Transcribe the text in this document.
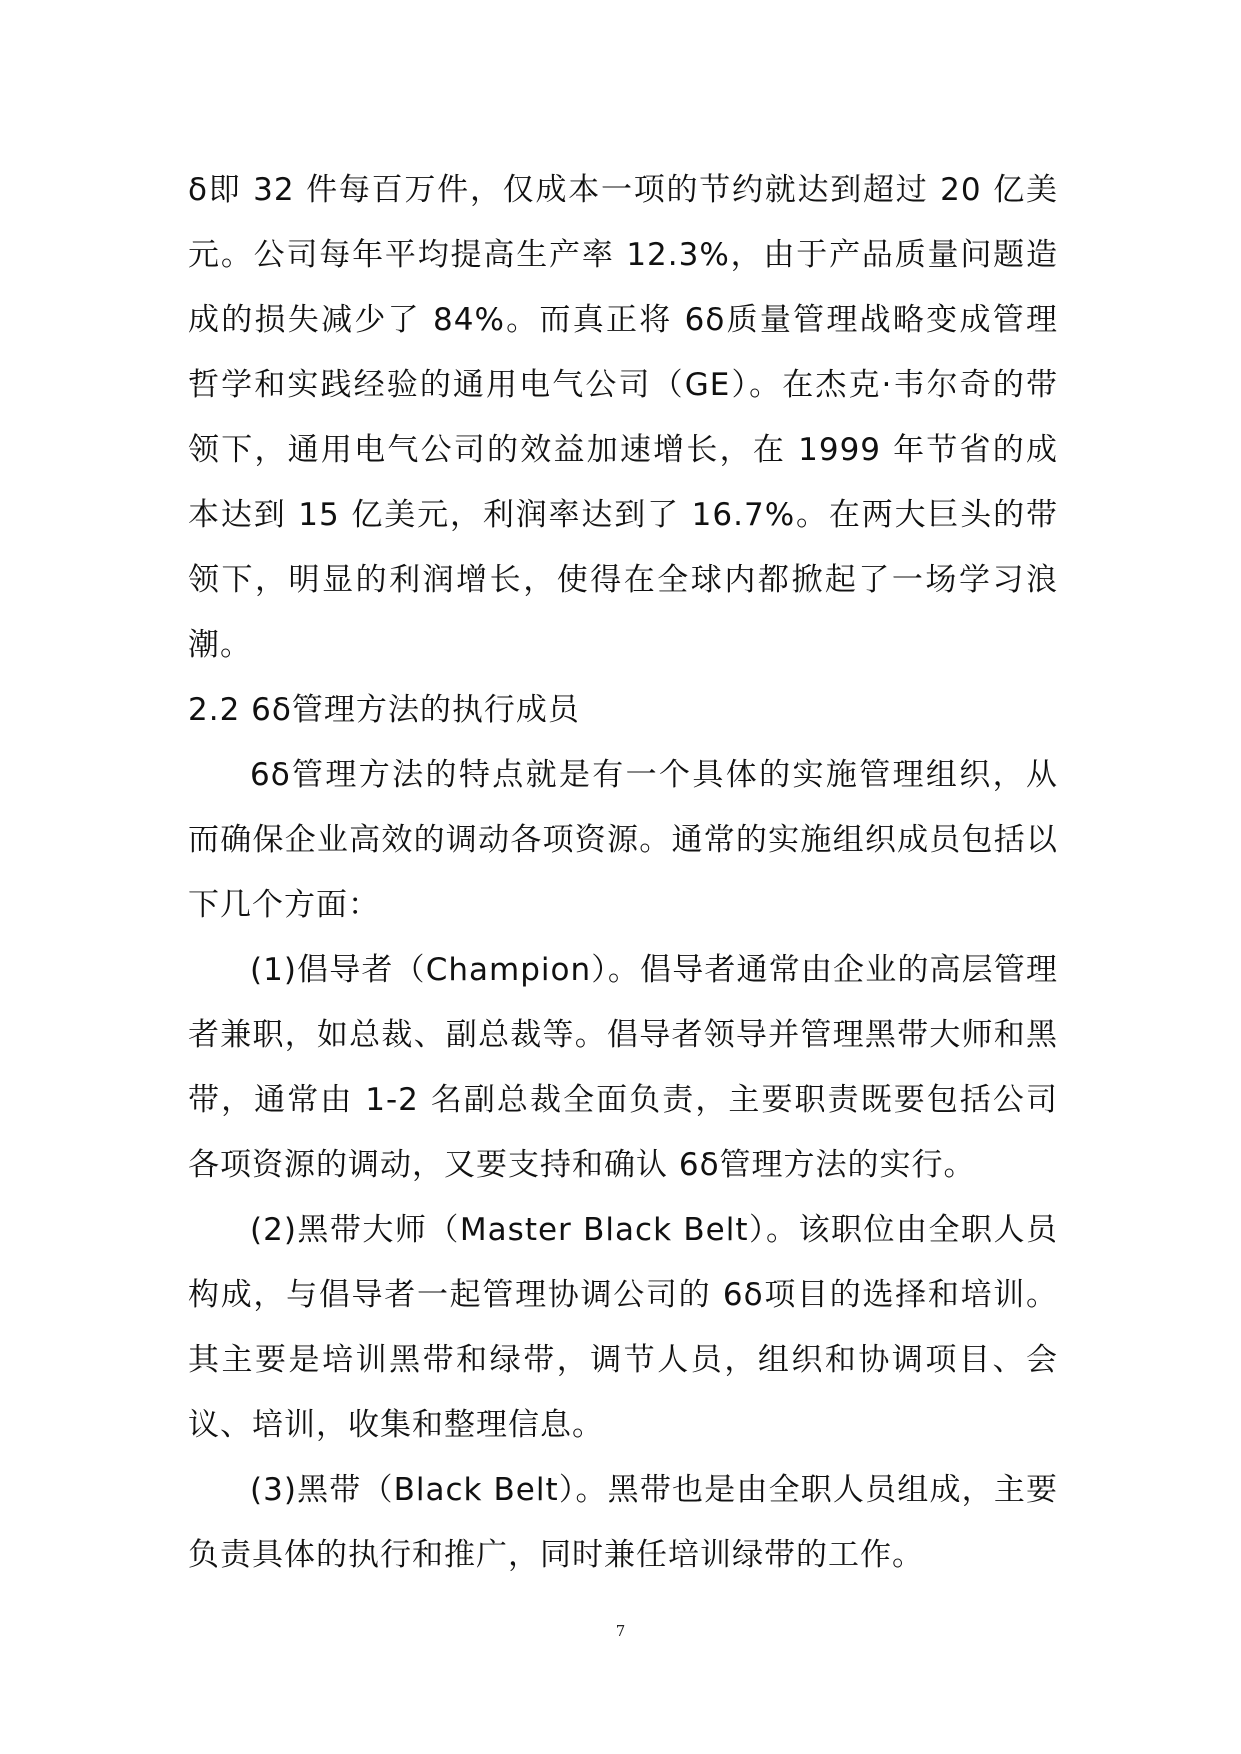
δ即 32 件每百万件，仅成本一项的节约就达到超过 20 亿美元。公司每年平均提高生产率 12.3%，由于产品质量问题造成的损失减少了 84%。而真正将 6δ质量管理战略变成管理哲学和实践经验的通用电气公司（GE）。在杰克·韦尔奇的带领下，通用电气公司的效益加速增长，在 1999 年节省的成本达到 15 亿美元，利润率达到了 16.7%。在两大巨头的带领下，明显的利润增长，使得在全球内都掀起了一场学习浪潮。

2.2 6δ管理方法的执行成员

6δ管理方法的特点就是有一个具体的实施管理组织，从而确保企业高效的调动各项资源。通常的实施组织成员包括以下几个方面：

(1)倡导者（Champion）。倡导者通常由企业的高层管理者兼职，如总裁、副总裁等。倡导者领导并管理黑带大师和黑带，通常由 1-2 名副总裁全面负责，主要职责既要包括公司各项资源的调动，又要支持和确认 6δ管理方法的实行。

(2)黑带大师（Master Black Belt）。该职位由全职人员构成，与倡导者一起管理协调公司的 6δ项目的选择和培训。其主要是培训黑带和绿带，调节人员，组织和协调项目、会议、培训，收集和整理信息。

(3)黑带（Black Belt）。黑带也是由全职人员组成，主要负责具体的执行和推广，同时兼任培训绿带的工作。

7
